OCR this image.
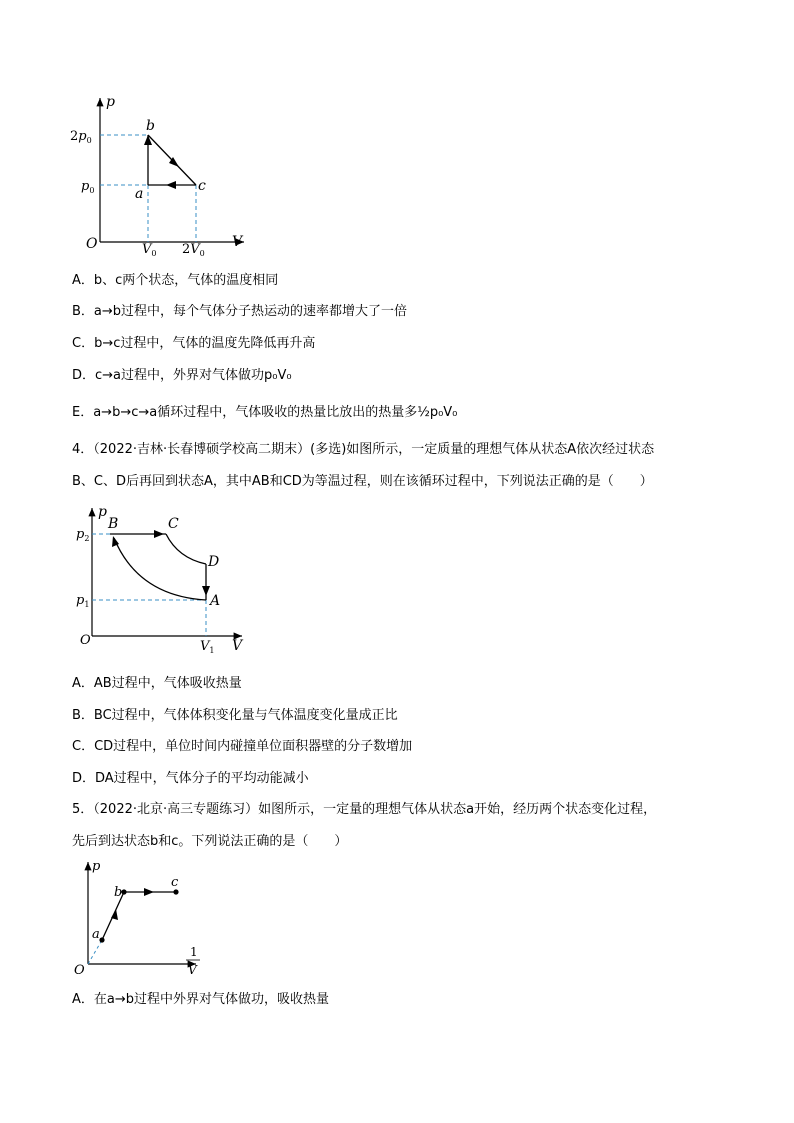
p
V
O
$2p_0$
$p_0$
$V_0$ $2V_0$
b
a	c
A．b、c两个状态，气体的温度相同
B．a→b过程中，每个气体分子热运动的速率都增大了一倍
C．b→c过程中，气体的温度先降低再升高
D．c→a过程中，外界对气体做功p₀V₀
E．a→b→c→a循环过程中，气体吸收的热量比放出的热量多½p₀V₀
4．（2022·吉林·长春博硕学校高二期末）(多选)如图所示，一定质量的理想气体从状态A依次经过状态
B、C、D后再回到状态A，其中AB和CD为等温过程，则在该循环过程中，下列说法正确的是（　　）
p
V
O
$p_2$
$p_1$
$V_1$
B	C
D
A
A．AB过程中，气体吸收热量
B．BC过程中，气体体积变化量与气体温度变化量成正比
C．CD过程中，单位时间内碰撞单位面积器壁的分子数增加
D．DA过程中，气体分子的平均动能减小
5．（2022·北京·高三专题练习）如图所示，一定量的理想气体从状态a开始，经历两个状态变化过程，
先后到达状态b和c。下列说法正确的是（　　）
p
O
1
V
a
b
c
A．在a→b过程中外界对气体做功，吸收热量
